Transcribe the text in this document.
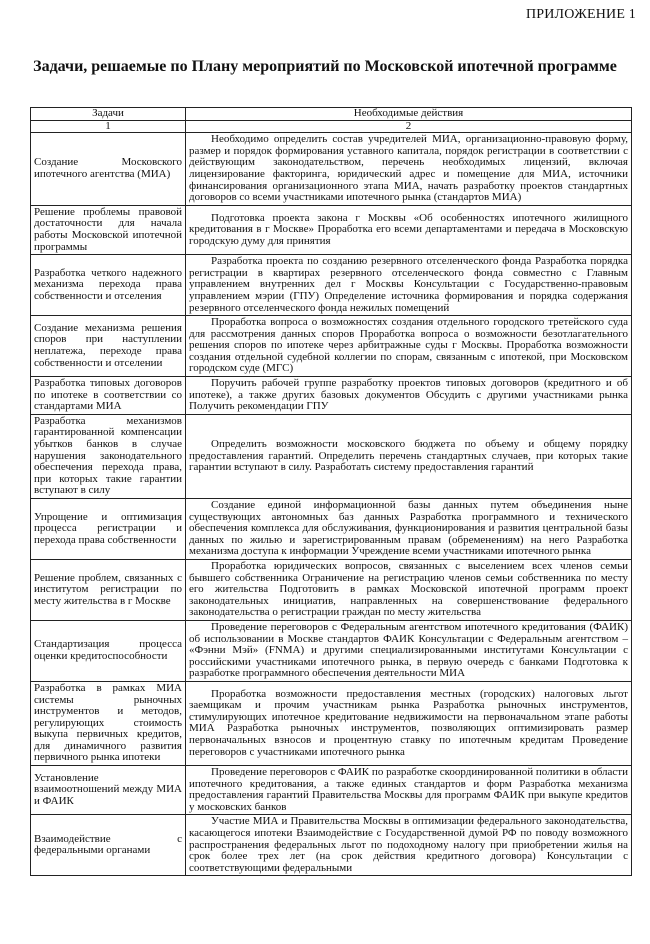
ПРИЛОЖЕНИЕ 1
Задачи, решаемые по Плану мероприятий по Московской ипотечной программе
Задачи	Необходимые действия
1	2
Создание Московского ипотечного агентства (МИА)	Необходимо определить состав учредителей МИА, организационно-правовую форму, размер и порядок формирования уставного капитала, порядок регистрации в соответствии с действующим законодательством, перечень необходимых лицензий, включая лицензирование факторинга, юридический адрес и помещение для МИА, источники финансирования организационного этапа МИА, начать разработку проектов стандартных договоров со всеми участниками ипотечного рынка (стандартов МИА)

Решение проблемы правовой достаточности для начала работы Московской ипотечной программы	Подготовка проекта закона г Москвы «Об особенностях ипотечного жилищного кредитования в г Москве» Проработка его всеми департаментами и передача в Московскую городскую думу для принятия

Разработка четкого надежного механизма перехода права собственности и отселения	Разработка проекта по созданию резервного отселенческого фонда Разработка порядка регистрации в квартирах резервного отселенческого фонда совместно с Главным управлением внутренних дел г Москвы Консультации с Государственно-правовым управлением мэрии (ГПУ) Определение источника формирования и порядка содержания резервного отселенческого фонда нежилых помещений

Создание механизма решения споров при наступлении неплатежа, переходе права собственности и отселении	Проработка вопроса о возможностях создания отдельного городского третейского суда для рассмотрения данных споров Проработка вопроса о возможности безотлагательного решения споров по ипотеке через арбитражные суды г Москвы. Проработка возможности создания отдельной судебной коллегии по спорам, связанным с ипотекой, при Московском городском суде (МГС)

Разработка типовых договоров по ипотеке в соответствии со стандартами МИА	Поручить рабочей группе разработку проектов типовых договоров (кредитного и об ипотеке), а также других базовых документов Обсудить с другими участниками рынка Получить рекомендации ГПУ

Разработка механизмов гарантированной компенсации убытков банков в случае нарушения законодательного обеспечения перехода права, при которых такие гарантии вступают в силу	Определить возможности московского бюджета по объему и общему порядку предоставления гарантий. Определить перечень стандартных случаев, при которых такие гарантии вступают в силу. Разработать систему предоставления гарантий

Упрощение и оптимизация процесса регистрации и перехода права собственности	Создание единой информационной базы данных путем объединения ныне существующих автономных баз данных Разработка программного и технического обеспечения комплекса для обслуживания, функционирования и развития центральной базы данных по жилью и зарегистрированным правам (обременениям) на него Разработка механизма доступа к информации Учреждение всеми участниками ипотечного рынка

Решение проблем, связанных с институтом регистрации по месту жительства в г Москве	Проработка юридических вопросов, связанных с выселением всех членов семьи бывшего собственника Ограничение на регистрацию членов семьи собственника по месту его жительства Подготовить в рамках Московской ипотечной программ проект законодательных инициатив, направленных на совершенствование федерального законодательства о регистрации граждан по месту жительства

Стандартизация процесса оценки кредитоспособности	Проведение переговоров с Федеральным агентством ипотечного кредитования (ФАИК) об использовании в Москве стандартов ФАИК Консультации с Федеральным агентством – «Фэнни Мэй» (FNMA) и другими специализированными институтами Консультации с российскими участниками ипотечного рынка, в первую очередь с банками Подготовка к разработке программного обеспечения деятельности МИА

Разработка в рамках МИА системы рыночных инструментов и методов, регулирующих стоимость выкупа первичных кредитов, для динамичного развития первичного рынка ипотеки	Проработка возможности предоставления местных (городских) налоговых льгот заемщикам и прочим участникам рынка Разработка рыночных инструментов, стимулирующих ипотечное кредитование недвижимости на первоначальном этапе работы МИА Разработка рыночных инструментов, позволяющих оптимизировать размер первоначальных взносов и процентную ставку по ипотечным кредитам Проведение переговоров с участниками ипотечного рынка

Установление взаимоотношений между МИА и ФАИК	Проведение переговоров с ФАИК по разработке скоординированной политики в области ипотечного кредитования, а также единых стандартов и форм Разработка механизма предоставления гарантий Правительства Москвы для программ ФАИК при выкупе кредитов у московских банков

Взаимодействие с федеральными органами	Участие МИА и Правительства Москвы в оптимизации федерального законодательства, касающегося ипотеки Взаимодействие с Государственной думой РФ по поводу возможного распространения федеральных льгот по подоходному налогу при приобретении жилья на срок более трех лет (на срок действия кредитного договора) Консультации с соответствующими федеральными
